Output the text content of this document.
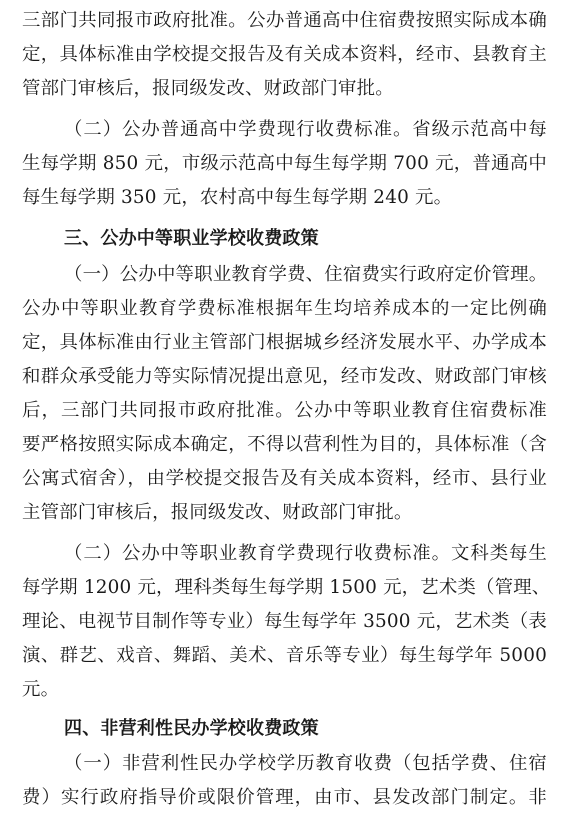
三部门共同报市政府批准。公办普通高中住宿费按照实际成本确
定，具体标准由学校提交报告及有关成本资料，经市、县教育主
管部门审核后，报同级发改、财政部门审批。
（二）公办普通高中学费现行收费标准。省级示范高中每
生每学期 850 元，市级示范高中每生每学期 700 元，普通高中
每生每学期 350 元，农村高中每生每学期 240 元。
三、公办中等职业学校收费政策
（一）公办中等职业教育学费、住宿费实行政府定价管理。
公办中等职业教育学费标准根据年生均培养成本的一定比例确
定，具体标准由行业主管部门根据城乡经济发展水平、办学成本
和群众承受能力等实际情况提出意见，经市发改、财政部门审核
后，三部门共同报市政府批准。公办中等职业教育住宿费标准
要严格按照实际成本确定，不得以营利性为目的，具体标准（含
公寓式宿舍），由学校提交报告及有关成本资料，经市、县行业
主管部门审核后，报同级发改、财政部门审批。
（二）公办中等职业教育学费现行收费标准。文科类每生
每学期 1200 元，理科类每生每学期 1500 元，艺术类（管理、
理论、电视节目制作等专业）每生每学年 3500 元，艺术类（表
演、群艺、戏音、舞蹈、美术、音乐等专业）每生每学年 5000
元。
四、非营利性民办学校收费政策
（一）非营利性民办学校学历教育收费（包括学费、住宿
费）实行政府指导价或限价管理，由市、县发改部门制定。非
